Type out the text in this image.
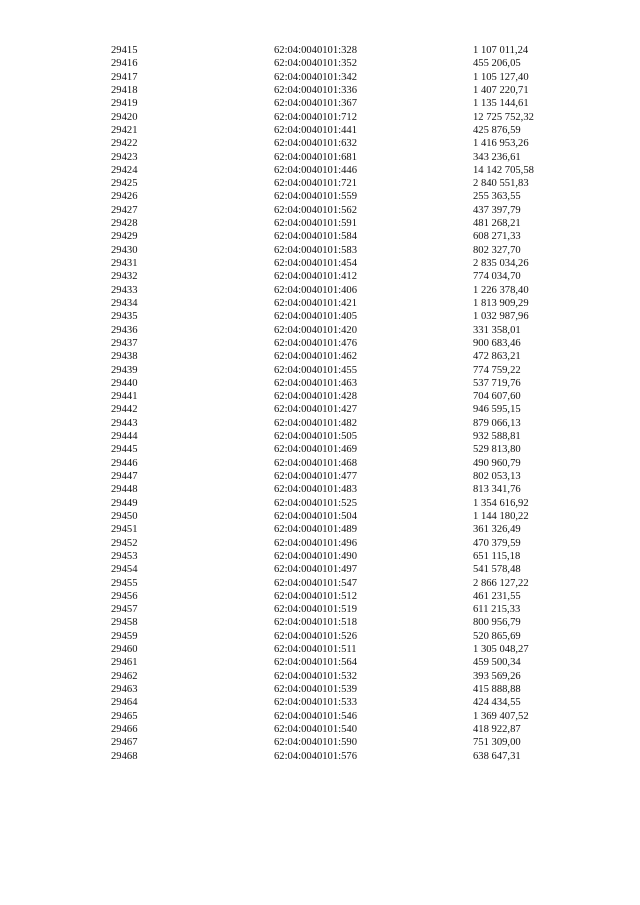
29415	62:04:0040101:328	1 107 011,24
29416	62:04:0040101:352	455 206,05
29417	62:04:0040101:342	1 105 127,40
29418	62:04:0040101:336	1 407 220,71
29419	62:04:0040101:367	1 135 144,61
29420	62:04:0040101:712	12 725 752,32
29421	62:04:0040101:441	425 876,59
29422	62:04:0040101:632	1 416 953,26
29423	62:04:0040101:681	343 236,61
29424	62:04:0040101:446	14 142 705,58
29425	62:04:0040101:721	2 840 551,83
29426	62:04:0040101:559	255 363,55
29427	62:04:0040101:562	437 397,79
29428	62:04:0040101:591	481 268,21
29429	62:04:0040101:584	608 271,33
29430	62:04:0040101:583	802 327,70
29431	62:04:0040101:454	2 835 034,26
29432	62:04:0040101:412	774 034,70
29433	62:04:0040101:406	1 226 378,40
29434	62:04:0040101:421	1 813 909,29
29435	62:04:0040101:405	1 032 987,96
29436	62:04:0040101:420	331 358,01
29437	62:04:0040101:476	900 683,46
29438	62:04:0040101:462	472 863,21
29439	62:04:0040101:455	774 759,22
29440	62:04:0040101:463	537 719,76
29441	62:04:0040101:428	704 607,60
29442	62:04:0040101:427	946 595,15
29443	62:04:0040101:482	879 066,13
29444	62:04:0040101:505	932 588,81
29445	62:04:0040101:469	529 813,80
29446	62:04:0040101:468	490 960,79
29447	62:04:0040101:477	802 053,13
29448	62:04:0040101:483	813 341,76
29449	62:04:0040101:525	1 354 616,92
29450	62:04:0040101:504	1 144 180,22
29451	62:04:0040101:489	361 326,49
29452	62:04:0040101:496	470 379,59
29453	62:04:0040101:490	651 115,18
29454	62:04:0040101:497	541 578,48
29455	62:04:0040101:547	2 866 127,22
29456	62:04:0040101:512	461 231,55
29457	62:04:0040101:519	611 215,33
29458	62:04:0040101:518	800 956,79
29459	62:04:0040101:526	520 865,69
29460	62:04:0040101:511	1 305 048,27
29461	62:04:0040101:564	459 500,34
29462	62:04:0040101:532	393 569,26
29463	62:04:0040101:539	415 888,88
29464	62:04:0040101:533	424 434,55
29465	62:04:0040101:546	1 369 407,52
29466	62:04:0040101:540	418 922,87
29467	62:04:0040101:590	751 309,00
29468	62:04:0040101:576	638 647,31
